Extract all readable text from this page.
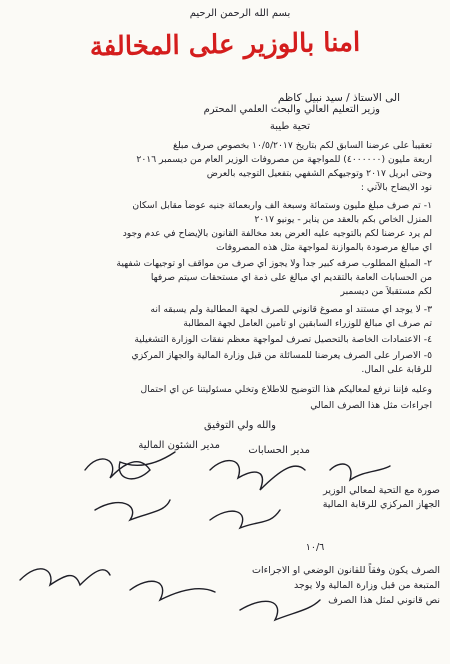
بسم الله الرحمن الرحيم
امنا بالوزير على المخالفة
الى الاستاذ / سيد نبيل كاظم
وزير التعليم العالي والبحث العلمي المحترم
تحية طيبة
تعقيباً على عرضنا السابق لكم بتاريخ ١٠/٥/٢٠١٧ بخصوص صرف مبلغ
اربعة مليون (٤٠٠٠٠٠٠) للمواجهة من مصروفات الوزير العام من ديسمبر ٢٠١٦
وحتى ابريل ٢٠١٧ وتوجيهكم الشفهي بتفعيل التوجيه بالعرض
نود الايضاح بالآتي :
١- تم صرف مبلغ مليون وستمائة وسبعة الف واربعمائة جنيه عوضاً مقابل اسكان
المنزل الخاص بكم بالعقد من يناير - يونيو ٢٠١٧
لم يرد عرضنا لكم بالتوجيه عليه العرض بعد مخالفة القانون بالإيضاح في عدم وجود
اي مبالغ مرصودة بالموازنة لمواجهة مثل هذه المصروفات
٢- المبلغ المطلوب صرفه كبير جداً ولا يجوز أي صرف من مواقف او توجيهات شفهية
من الحسابات العامة بالتقديم اي مبالغ على ذمة اي مستحقات سيتم صرفها
لكم مستقبلاً من ديسمبر
٣- لا يوجد اي مستند او مصوغ قانوني للصرف لجهة المطالبة ولم يسبقه انه
تم صرف اي مبالغ للوزراء السابقين او تأمين العامل لجهة المطالبة
٤- الاعتمادات الخاصة بالتحصيل تصرف لمواجهة معظم نفقات الوزارة التشغيلية
٥- الاصرار على الصرف يعرضنا للمسائلة من قبل وزارة المالية والجهاز المركزي
للرقابة على المال.
وعليه فإننا نرفع لمعاليكم هذا التوضيح للاطلاع وتخلي مسئوليتنا عن اي احتمال
اجراءات مثل هذا الصرف المالي
والله ولي التوفيق
مدير الحسابات
مدير الشئون المالية
صورة مع التحية لمعالي الوزير
الجهاز المركزي للرقابة المالية
١٠/٦
الصرف يكون وفقاً للقانون الوضعي او الاجراءات
المتبعة من قبل وزارة المالية ولا يوجد
نص قانوني لمثل هذا الصرف
